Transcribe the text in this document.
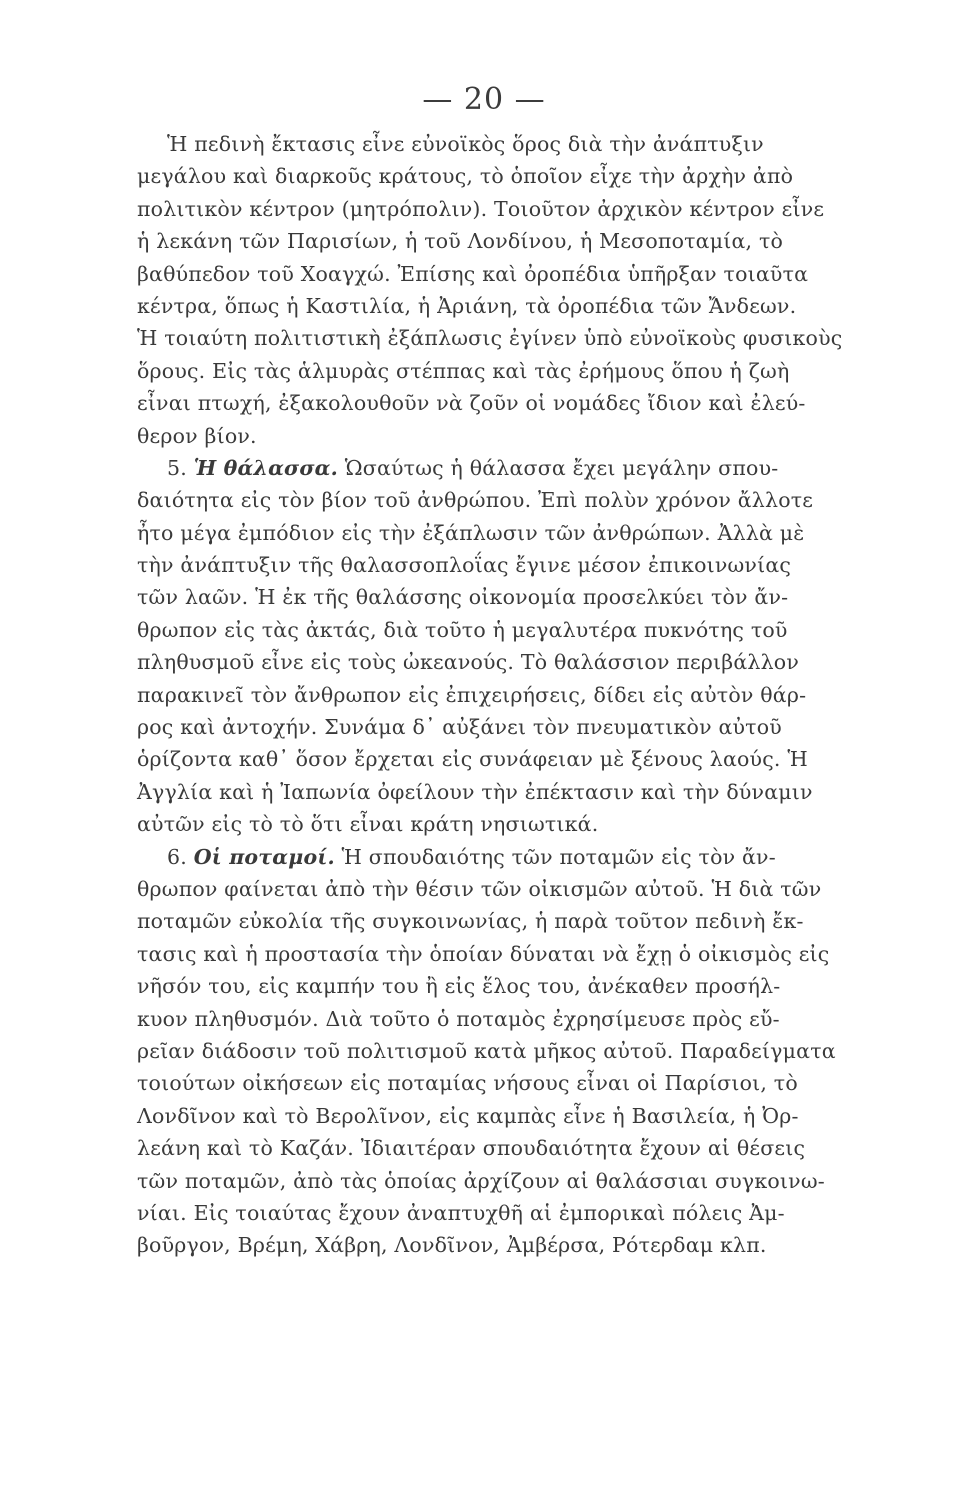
— 20 —
Ἡ πεδινὴ ἔκτασις εἶνε εὐνοϊκὸς ὅρος διὰ τὴν ἀνάπτυξιν
μεγάλου καὶ διαρκοῦς κράτους, τὸ ὁποῖον εἶχε τὴν ἀρχὴν ἀπὸ
πολιτικὸν κέντρον (μητρόπολιν). Τοιοῦτον ἀρχικὸν κέντρον εἶνε
ἡ λεκάνη τῶν Παρισίων, ἡ τοῦ Λονδίνου, ἡ Μεσοποταμία, τὸ
βαθύπεδον τοῦ Χοαγχώ. Ἐπίσης καὶ ὀροπέδια ὑπῆρξαν τοιαῦτα
κέντρα, ὅπως ἡ Καστιλία, ἡ Ἀριάνη, τὰ ὀροπέδια τῶν Ἄνδεων.
Ἡ τοιαύτη πολιτιστικὴ ἐξάπλωσις ἐγίνεν ὑπὸ εὐνοϊκοὺς φυσικοὺς
ὅρους. Εἰς τὰς ἁλμυρὰς στέππας καὶ τὰς ἐρήμους ὅπου ἡ ζωὴ
εἶναι πτωχή, ἐξακολουθοῦν νὰ ζοῦν οἱ νομάδες ἴδιον καὶ ἐλεύ-
θερον βίον.
5. Ἡ θάλασσα. Ὡσαύτως ἡ θάλασσα ἔχει μεγάλην σπου-
δαιότητα εἰς τὸν βίον τοῦ ἀνθρώπου. Ἐπὶ πολὺν χρόνον ἄλλοτε
ἦτο μέγα ἐμπόδιον εἰς τὴν ἐξάπλωσιν τῶν ἀνθρώπων. Ἀλλὰ μὲ
τὴν ἀνάπτυξιν τῆς θαλασσοπλοΐας ἔγινε μέσον ἐπικοινωνίας
τῶν λαῶν. Ἡ ἐκ τῆς θαλάσσης οἰκονομία προσελκύει τὸν ἄν-
θρωπον εἰς τὰς ἀκτάς, διὰ τοῦτο ἡ μεγαλυτέρα πυκνότης τοῦ
πληθυσμοῦ εἶνε εἰς τοὺς ὠκεανούς. Τὸ θαλάσσιον περιβάλλον
παρακινεῖ τὸν ἄνθρωπον εἰς ἐπιχειρήσεις, δίδει εἰς αὐτὸν θάρ-
ρος καὶ ἀντοχήν. Συνάμα δ᾽ αὐξάνει τὸν πνευματικὸν αὐτοῦ
ὁρίζοντα καθ᾽ ὅσον ἔρχεται εἰς συνάφειαν μὲ ξένους λαούς. Ἡ
Ἀγγλία καὶ ἡ Ἰαπωνία ὀφείλουν τὴν ἐπέκτασιν καὶ τὴν δύναμιν
αὐτῶν εἰς τὸ τὸ ὅτι εἶναι κράτη νησιωτικά.
6. Οἱ ποταμοί. Ἡ σπουδαιότης τῶν ποταμῶν εἰς τὸν ἄν-
θρωπον φαίνεται ἀπὸ τὴν θέσιν τῶν οἰκισμῶν αὐτοῦ. Ἡ διὰ τῶν
ποταμῶν εὐκολία τῆς συγκοινωνίας, ἡ παρὰ τοῦτον πεδινὴ ἔκ-
τασις καὶ ἡ προστασία τὴν ὁποίαν δύναται νὰ ἔχῃ ὁ οἰκισμὸς εἰς
νῆσόν του, εἰς καμπήν του ἢ εἰς ἕλος του, ἀνέκαθεν προσήλ-
κυον πληθυσμόν. Διὰ τοῦτο ὁ ποταμὸς ἐχρησίμευσε πρὸς εὔ-
ρεῖαν διάδοσιν τοῦ πολιτισμοῦ κατὰ μῆκος αὐτοῦ. Παραδείγματα
τοιούτων οἰκήσεων εἰς ποταμίας νήσους εἶναι οἱ Παρίσιοι, τὸ
Λονδῖνον καὶ τὸ Βερολῖνον, εἰς καμπὰς εἶνε ἡ Βασιλεία, ἡ Ὀρ-
λεάνη καὶ τὸ Καζάν. Ἰδιαιτέραν σπουδαιότητα ἔχουν αἱ θέσεις
τῶν ποταμῶν, ἀπὸ τὰς ὁποίας ἀρχίζουν αἱ θαλάσσιαι συγκοινω-
νίαι. Εἰς τοιαύτας ἔχουν ἀναπτυχθῆ αἱ ἐμπορικαὶ πόλεις Ἀμ-
βοῦργον, Βρέμη, Χάβρη, Λονδῖνον, Ἀμβέρσα, Ρότερδαμ κλπ.
